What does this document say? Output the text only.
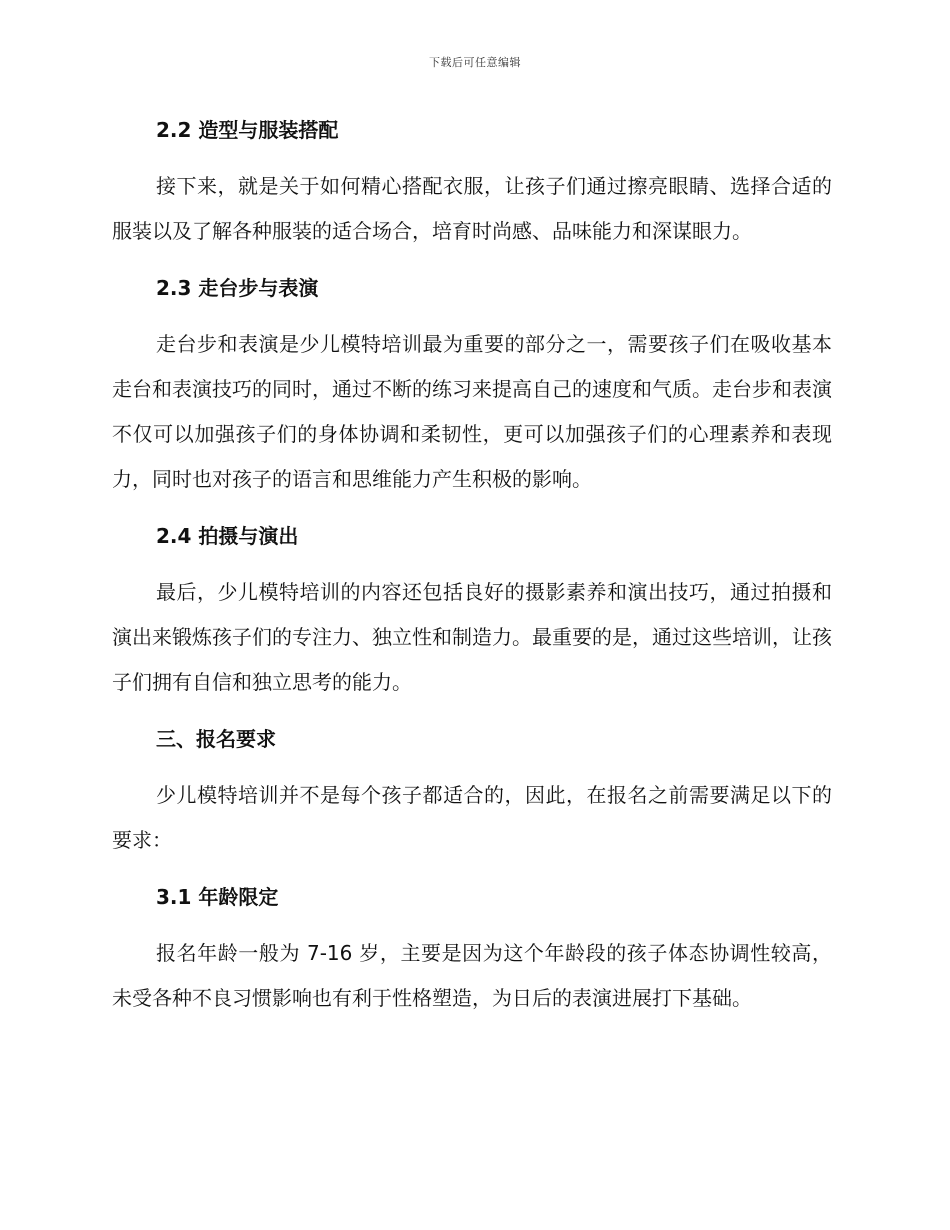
下载后可任意编辑

2.2 造型与服装搭配

接下来，就是关于如何精心搭配衣服，让孩子们通过擦亮眼睛、选择合适的服装以及了解各种服装的适合场合，培育时尚感、品味能力和深谋眼力。

2.3 走台步与表演

走台步和表演是少儿模特培训最为重要的部分之一，需要孩子们在吸收基本走台和表演技巧的同时，通过不断的练习来提高自己的速度和气质。走台步和表演不仅可以加强孩子们的身体协调和柔韧性，更可以加强孩子们的心理素养和表现力，同时也对孩子的语言和思维能力产生积极的影响。

2.4 拍摄与演出

最后，少儿模特培训的内容还包括良好的摄影素养和演出技巧，通过拍摄和演出来锻炼孩子们的专注力、独立性和制造力。最重要的是，通过这些培训，让孩子们拥有自信和独立思考的能力。

三、报名要求

少儿模特培训并不是每个孩子都适合的，因此，在报名之前需要满足以下的要求：

3.1 年龄限定

报名年龄一般为 7-16 岁，主要是因为这个年龄段的孩子体态协调性较高，未受各种不良习惯影响也有利于性格塑造，为日后的表演进展打下基础。
